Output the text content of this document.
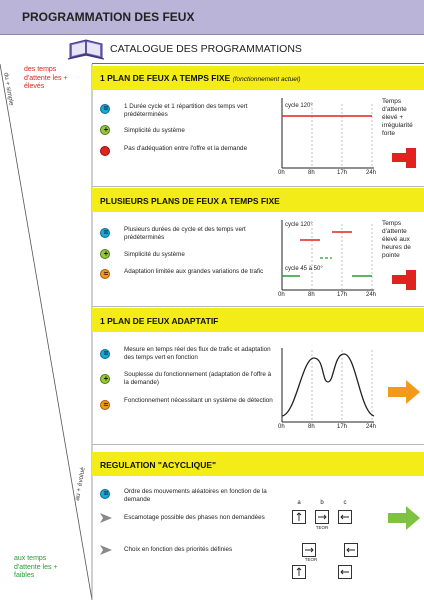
PROGRAMMATION DES FEUX
CATALOGUE DES PROGRAMMATIONS
des temps d'attente les + élevés
aux temps d'attente les + faibles
du + simple
au + évolué
1 PLAN DE FEUX A TEMPS FIXE (fonctionnement actuel)
=	1 Durée cycle et 1 répartition des temps vert prédéterminées
+	Simplicité du système
Pas d'adéquation entre l'offre et la demande
cycle 120°
0h	8h	17h	24h
Temps d'attente élevé + irrégularité forte
PLUSIEURS PLANS DE FEUX A TEMPS FIXE
=	Plusieurs durées de cycle et des temps vert prédéterminés
+	Simplicité du système
≈	Adaptation limitée aux grandes variations de trafic
cycle 120°
cycle 45 à 50°
0h	8h	17h	24h
Temps d'attente élevé aux heures de pointe
1 PLAN DE FEUX ADAPTATIF
=	Mesure en temps réel des flux de trafic et adaptation des temps vert en fonction
+	Souplesse du fonctionnement (adaptation de l'offre à la demande)
≈	Fonctionnement nécessitant un système de détection
0h	8h	17h	24h
REGULATION "ACYCLIQUE"
=	Ordre des mouvements aléatoires en fonction de la demande
Escamotage possible des phases non demandées
Choix en fonction des priorités définies
a	b	c
TEOR
TEOR
